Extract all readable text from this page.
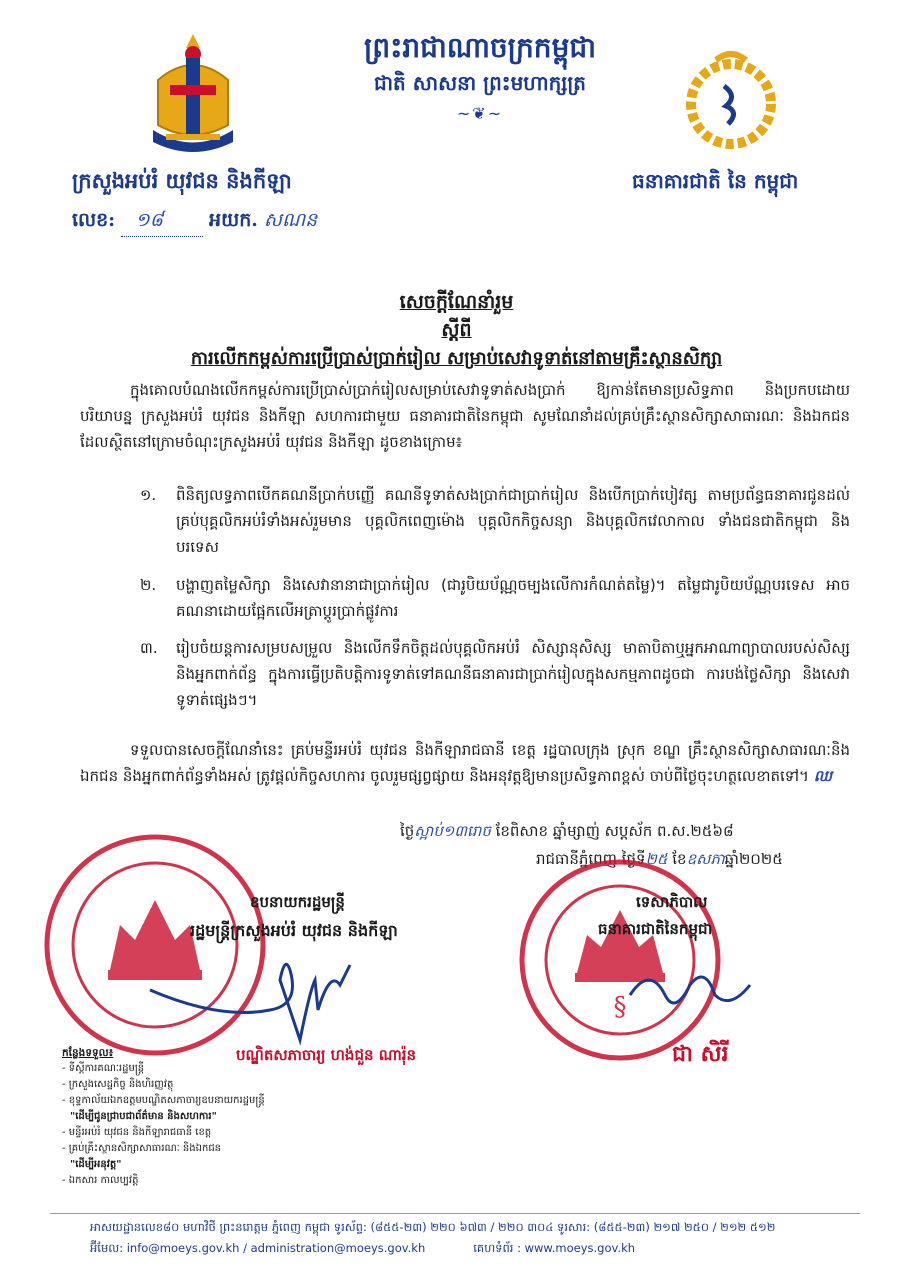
ព្រះរាជាណាចក្រកម្ពុជា
ជាតិ សាសនា ព្រះមហាក្សត្រ
~❦~
ក្រសួងអប់រំ យុវជន និងកីឡា	ធនាគារជាតិ នៃ កម្ពុជា
លេខ:	១៨	អយក. សណន
សេចក្តីណែនាំរួម
ស្តីពី
ការលើកកម្ពស់ការប្រើប្រាស់ប្រាក់រៀល សម្រាប់សេវាទូទាត់នៅតាមគ្រឹះស្ថានសិក្សា
ក្នុងគោលបំណងលើកកម្ពស់ការប្រើប្រាស់ប្រាក់រៀលសម្រាប់សេវាទូទាត់សងប្រាក់ ឱ្យកាន់តែមានប្រសិទ្ធភាព និងប្រកបដោយបរិយាបន្ន ក្រសួងអប់រំ យុវជន និងកីឡា សហការជាមួយ ធនាគារជាតិនៃកម្ពុជា សូមណែនាំដល់គ្រប់គ្រឹះស្ថានសិក្សាសាធារណៈ និងឯកជន ដែលស្ថិតនៅក្រោមចំណុះក្រសួងអប់រំ យុវជន និងកីឡា ដូចខាងក្រោម៖
១.	ពិនិត្យលទ្ធភាពបើកគណនីប្រាក់បញ្ញើ គណនីទូទាត់សងប្រាក់ជាប្រាក់រៀល និងបើកប្រាក់បៀវត្ស តាមប្រព័ន្ធធនាគារជូនដល់គ្រប់បុគ្គលិកអប់រំទាំងអស់រួមមាន បុគ្គលិកពេញម៉ោង បុគ្គលិកកិច្ចសន្យា និងបុគ្គលិកវេលាកាល ទាំងជនជាតិកម្ពុជា និងបរទេស
២.	បង្ហាញតម្លៃសិក្សា និងសេវានានាជាប្រាក់រៀល (ជារូបិយប័ណ្ណចម្បងលើការកំណត់តម្លៃ)។ តម្លៃជារូបិយប័ណ្ណបរទេស អាចគណនាដោយផ្អែកលើអត្រាប្តូរប្រាក់ផ្លូវការ
៣.	រៀបចំយន្តការសម្របសម្រួល និងលើកទឹកចិត្តដល់បុគ្គលិកអប់រំ សិស្សានុសិស្ស មាតាបិតាឬអ្នកអាណាព្យាបាលរបស់សិស្ស និងអ្នកពាក់ព័ន្ធ ក្នុងការធ្វើប្រតិបត្តិការទូទាត់ទៅគណនីធនាគារជាប្រាក់រៀលក្នុងសកម្មភាពដូចជា ការបង់ថ្លៃសិក្សា និងសេវាទូទាត់ផ្សេងៗ។
ទទួលបានសេចក្តីណែនាំនេះ គ្រប់មន្ទីរអប់រំ យុវជន និងកីឡារាជធានី ខេត្ត រដ្ឋបាលក្រុង ស្រុក ខណ្ឌ គ្រឹះស្ថានសិក្សាសាធារណៈនិងឯកជន និងអ្នកពាក់ព័ន្ធទាំងអស់ ត្រូវផ្តល់កិច្ចសហការ ចូលរួមផ្សព្វផ្សាយ និងអនុវត្តឱ្យមានប្រសិទ្ធភាពខ្ពស់ ចាប់ពីថ្ងៃចុះហត្ថលេខាតទៅ។ ឈ
ថ្ងៃស្អាប់១៣រោច ខែពិសាខ ឆ្នាំម្សាញ់ សប្តស័ក ព.ស.២៥៦៨
រាជធានីភ្នំពេញ ថ្ងៃទី២៥ ខែឧសភាឆ្នាំ២០២៥
§
ឧបនាយករដ្ឋមន្ត្រី
រដ្ឋមន្ត្រីក្រសួងអប់រំ យុវជន និងកីឡា
ទេសាភិបាល
ធនាគារជាតិនៃកម្ពុជា
បណ្ឌិតសភាចារ្យ ហង់ជួន ណារ៉ុន	ជា សិរី
កន្លែងទទួល៖
- ទីស្តីការគណៈរដ្ឋមន្ត្រី
- ក្រសួងសេដ្ឋកិច្ច និងហិរញ្ញវត្ថុ
- ខុទ្ទកាល័យឯកឧត្តមបណ្ឌិតសភាចារ្យឧបនាយករដ្ឋមន្ត្រី
"ដើម្បីជូនជ្រាបជាព័ត៌មាន និងសហការ"
- មន្ទីរអប់រំ យុវជន និងកីឡារាជធានី ខេត្ត
- គ្រប់គ្រឹះស្ថានសិក្សាសាធារណៈ និងឯកជន
"ដើម្បីអនុវត្ត"
- ឯកសារ កាលប្បវត្តិ
អាសយដ្ឋានលេខ៨០ មហាវិថី ព្រះនរោត្តម ភ្នំពេញ កម្ពុជា ទូរស័ព្ទ: (៨៥៥-២៣) ២២០ ៦៧៣ / ២២០ ៣០៤ ទូរសារ: (៨៥៥-២៣) ២១៧ ២៥០ / ២១២ ៥១២
អ៊ីមែល: info@moeys.gov.kh / administration@moeys.gov.kh	គេហទំព័រ : www.moeys.gov.kh
